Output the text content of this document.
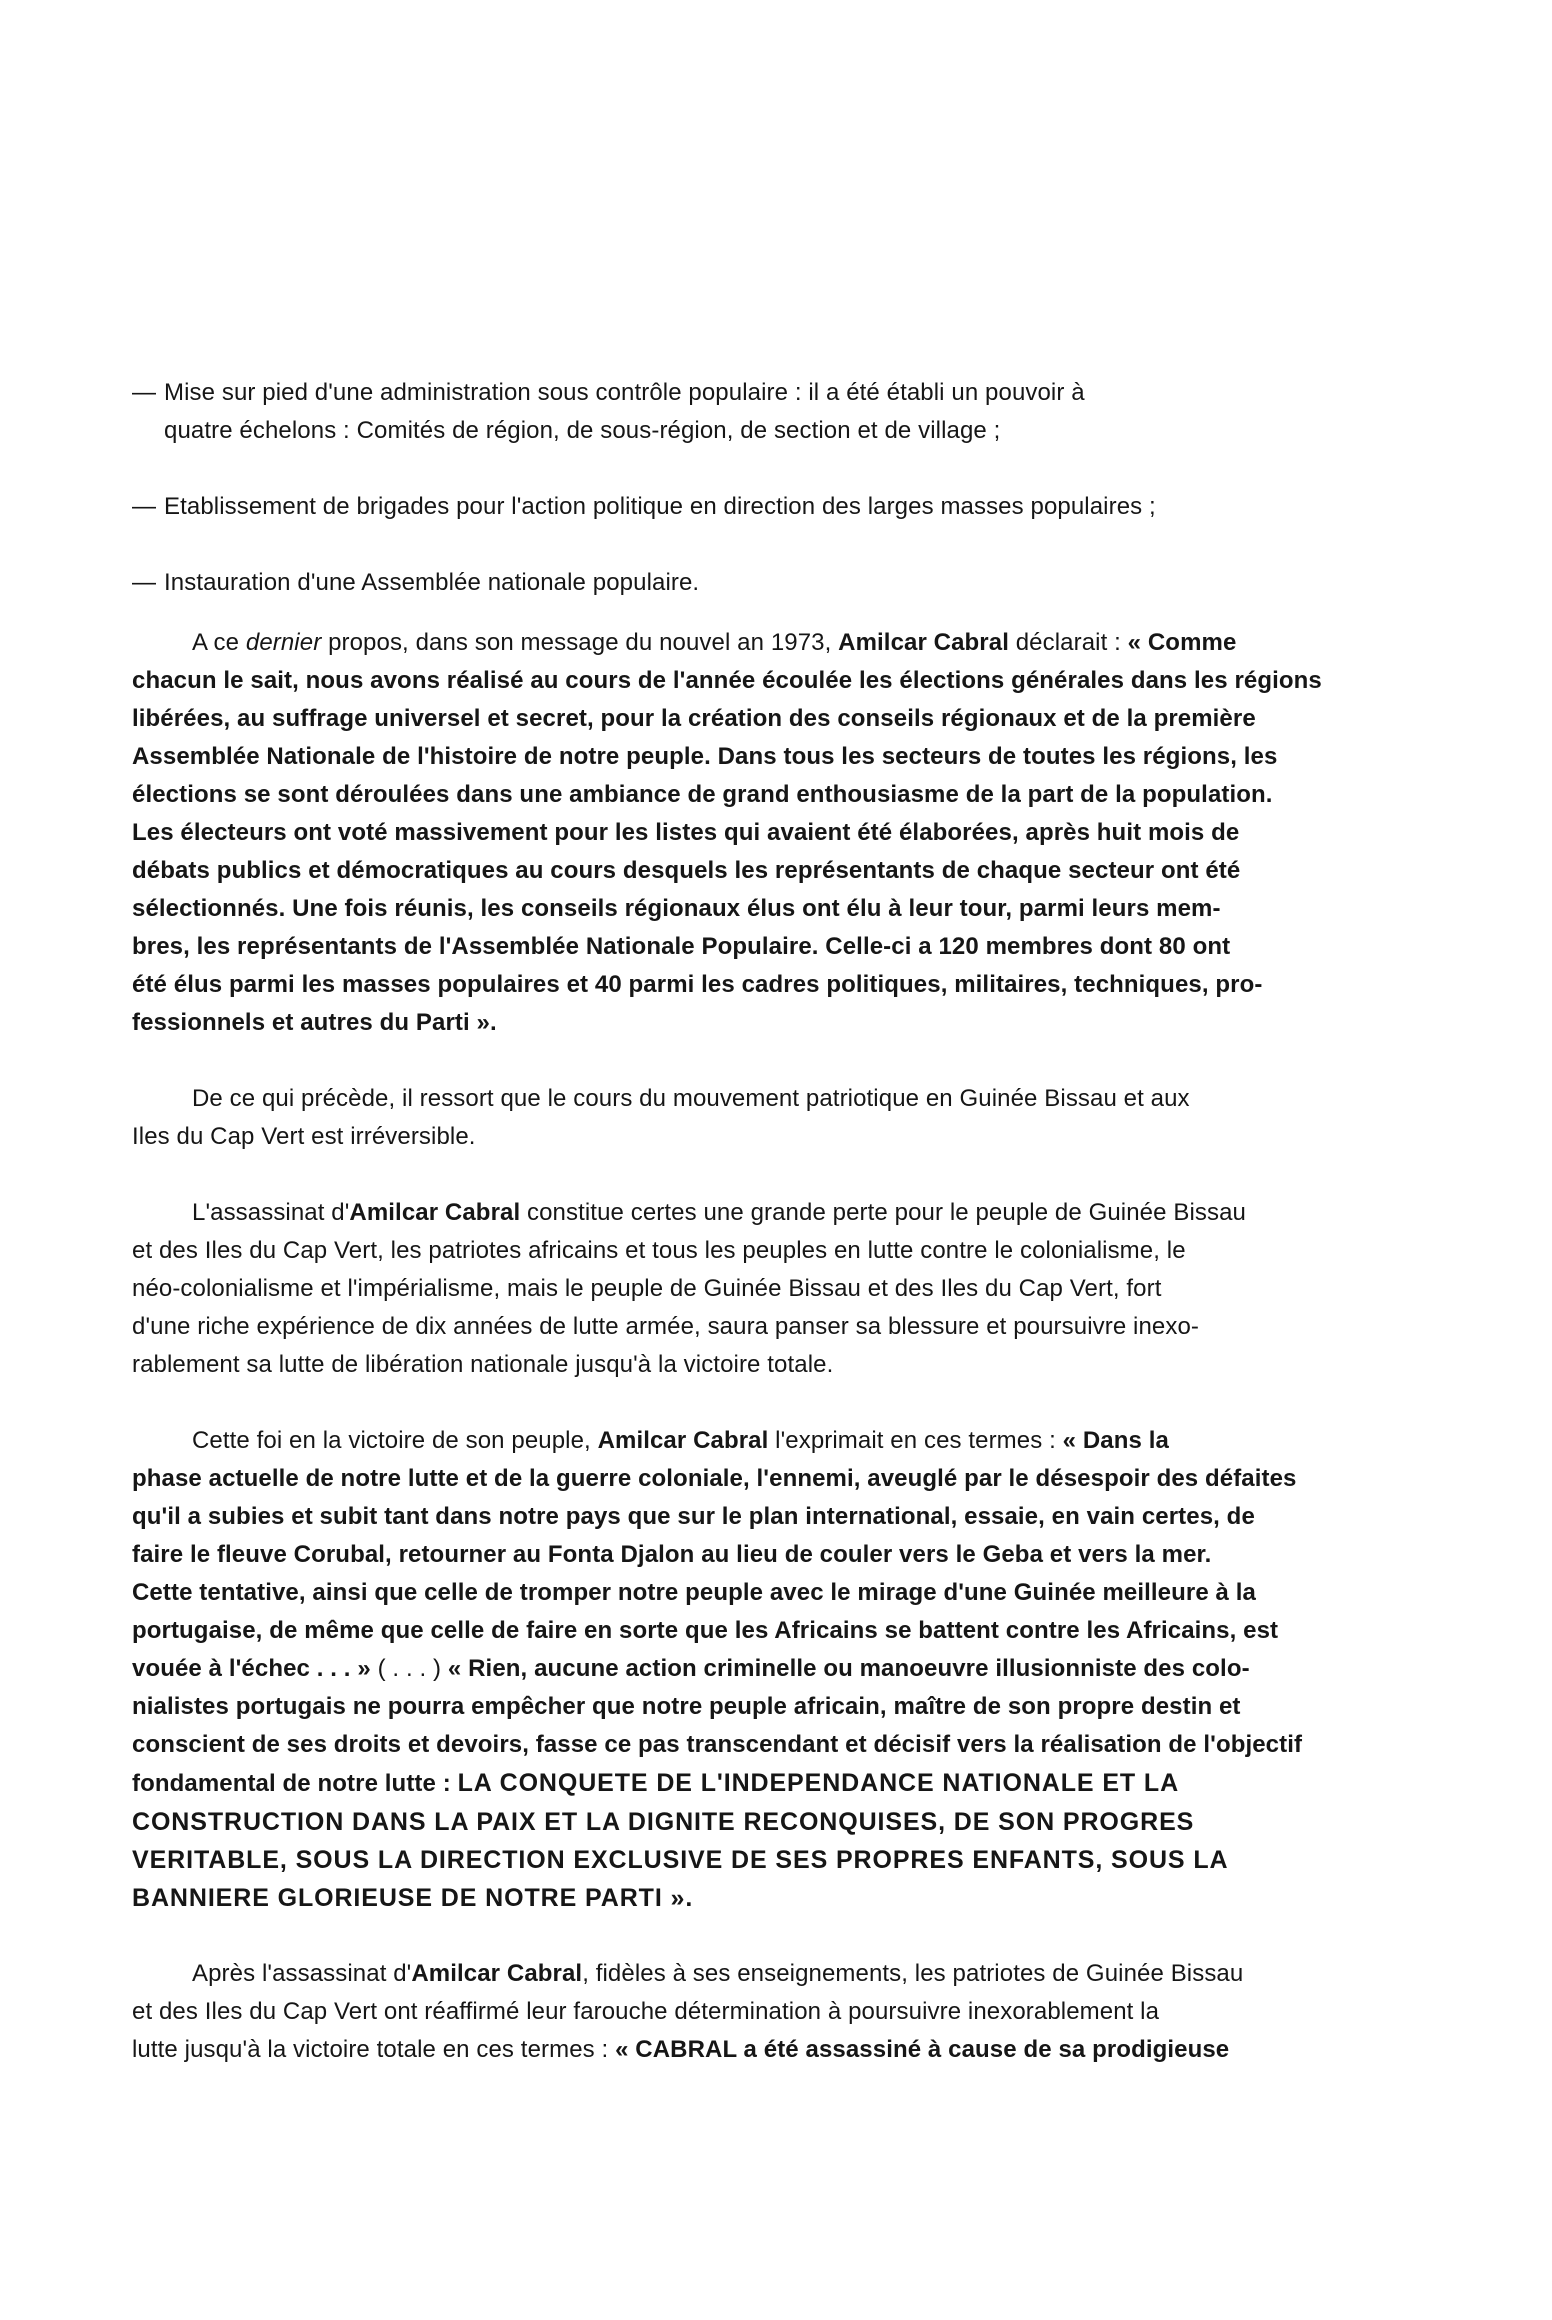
— Mise sur pied d'une administration sous contrôle populaire : il a été établi un pouvoir à
quatre échelons : Comités de région, de sous-région, de section et de village ;
— Etablissement de brigades pour l'action politique en direction des larges masses populaires ;
— Instauration d'une Assemblée nationale populaire.
A ce dernier propos, dans son message du nouvel an 1973, Amilcar Cabral déclarait : « Comme
chacun le sait, nous avons réalisé au cours de l'année écoulée les élections générales dans les régions
libérées, au suffrage universel et secret, pour la création des conseils régionaux et de la première
Assemblée Nationale de l'histoire de notre peuple. Dans tous les secteurs de toutes les régions, les
élections se sont déroulées dans une ambiance de grand enthousiasme de la part de la population.
Les électeurs ont voté massivement pour les listes qui avaient été élaborées, après huit mois de
débats publics et démocratiques au cours desquels les représentants de chaque secteur ont été
sélectionnés. Une fois réunis, les conseils régionaux élus ont élu à leur tour, parmi leurs mem-
bres, les représentants de l'Assemblée Nationale Populaire. Celle-ci a 120 membres dont 80 ont
été élus parmi les masses populaires et 40 parmi les cadres politiques, militaires, techniques, pro-
fessionnels et autres du Parti ».
De ce qui précède, il ressort que le cours du mouvement patriotique en Guinée Bissau et aux
Iles du Cap Vert est irréversible.
L'assassinat d'Amilcar Cabral constitue certes une grande perte pour le peuple de Guinée Bissau
et des Iles du Cap Vert, les patriotes africains et tous les peuples en lutte contre le colonialisme, le
néo-colonialisme et l'impérialisme, mais le peuple de Guinée Bissau et des Iles du Cap Vert, fort
d'une riche expérience de dix années de lutte armée, saura panser sa blessure et poursuivre inexo-
rablement sa lutte de libération nationale jusqu'à la victoire totale.
Cette foi en la victoire de son peuple, Amilcar Cabral l'exprimait en ces termes : « Dans la
phase actuelle de notre lutte et de la guerre coloniale, l'ennemi, aveuglé par le désespoir des défaites
qu'il a subies et subit tant dans notre pays que sur le plan international, essaie, en vain certes, de
faire le fleuve Corubal, retourner au Fonta Djalon au lieu de couler vers le Geba et vers la mer.
Cette tentative, ainsi que celle de tromper notre peuple avec le mirage d'une Guinée meilleure à la
portugaise, de même que celle de faire en sorte que les Africains se battent contre les Africains, est
vouée à l'échec . . . » ( . . . ) « Rien, aucune action criminelle ou manoeuvre illusionniste des colo-
nialistes portugais ne pourra empêcher que notre peuple africain, maître de son propre destin et
conscient de ses droits et devoirs, fasse ce pas transcendant et décisif vers la réalisation de l'objectif
fondamental de notre lutte : LA CONQUETE DE L'INDEPENDANCE NATIONALE ET LA
CONSTRUCTION DANS LA PAIX ET LA DIGNITE RECONQUISES, DE SON PROGRES
VERITABLE, SOUS LA DIRECTION EXCLUSIVE DE SES PROPRES ENFANTS, SOUS LA
BANNIERE GLORIEUSE DE NOTRE PARTI ».
Après l'assassinat d'Amilcar Cabral, fidèles à ses enseignements, les patriotes de Guinée Bissau
et des Iles du Cap Vert ont réaffirmé leur farouche détermination à poursuivre inexorablement la
lutte jusqu'à la victoire totale en ces termes : « CABRAL a été assassiné à cause de sa prodigieuse
